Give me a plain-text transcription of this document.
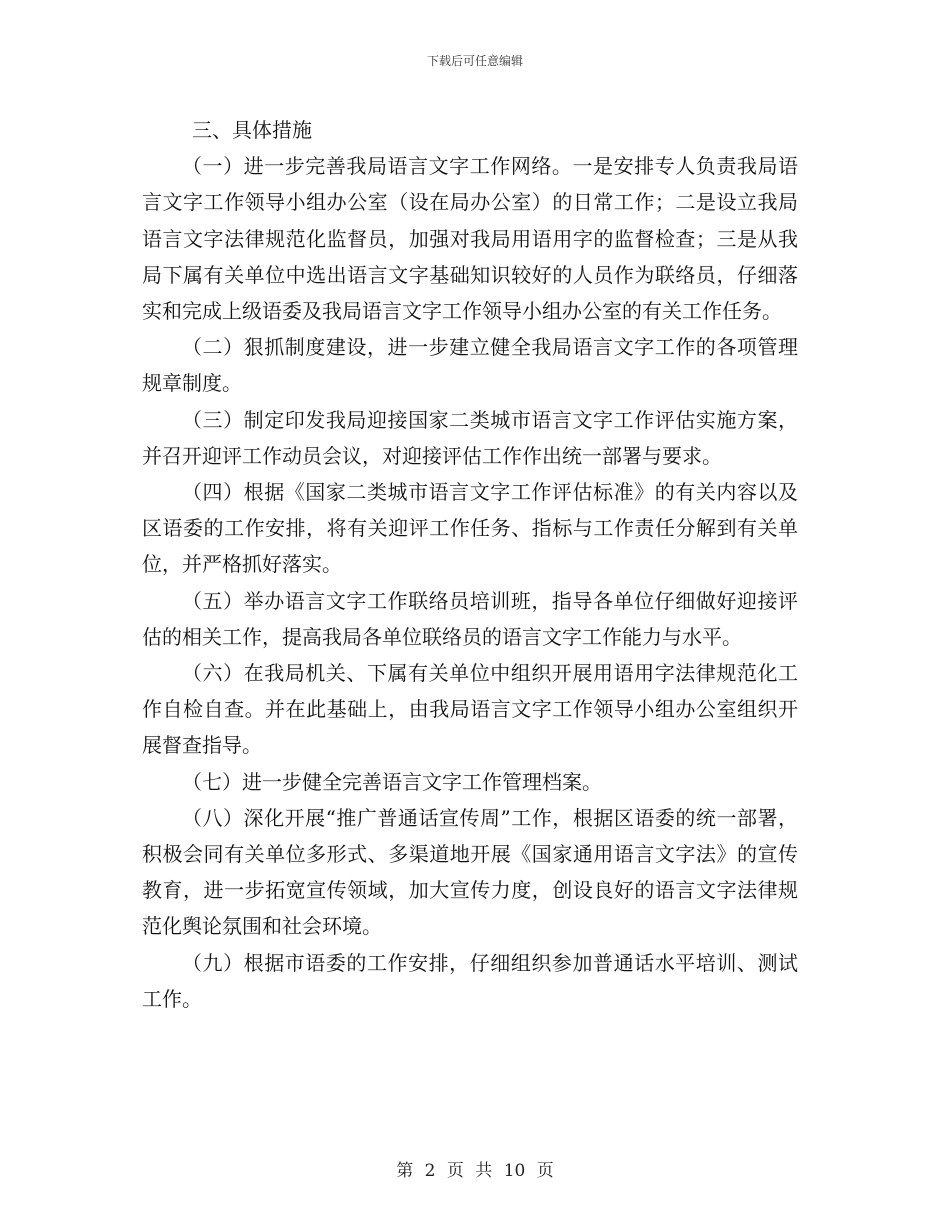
下载后可任意编辑

三、具体措施

（一）进一步完善我局语言文字工作网络。一是安排专人负责我局语言文字工作领导小组办公室（设在局办公室）的日常工作；二是设立我局语言文字法律规范化监督员，加强对我局用语用字的监督检查；三是从我局下属有关单位中选出语言文字基础知识较好的人员作为联络员，仔细落实和完成上级语委及我局语言文字工作领导小组办公室的有关工作任务。

（二）狠抓制度建设，进一步建立健全我局语言文字工作的各项管理规章制度。

（三）制定印发我局迎接国家二类城市语言文字工作评估实施方案，并召开迎评工作动员会议，对迎接评估工作作出统一部署与要求。

（四）根据《国家二类城市语言文字工作评估标准》的有关内容以及区语委的工作安排，将有关迎评工作任务、指标与工作责任分解到有关单位，并严格抓好落实。

（五）举办语言文字工作联络员培训班，指导各单位仔细做好迎接评估的相关工作，提高我局各单位联络员的语言文字工作能力与水平。

（六）在我局机关、下属有关单位中组织开展用语用字法律规范化工作自检自查。并在此基础上，由我局语言文字工作领导小组办公室组织开展督查指导。

（七）进一步健全完善语言文字工作管理档案。

（八）深化开展“推广普通话宣传周”工作，根据区语委的统一部署，积极会同有关单位多形式、多渠道地开展《国家通用语言文字法》的宣传教育，进一步拓宽宣传领域，加大宣传力度，创设良好的语言文字法律规范化舆论氛围和社会环境。

（九）根据市语委的工作安排，仔细组织参加普通话水平培训、测试工作。

第 2 页 共 10 页
